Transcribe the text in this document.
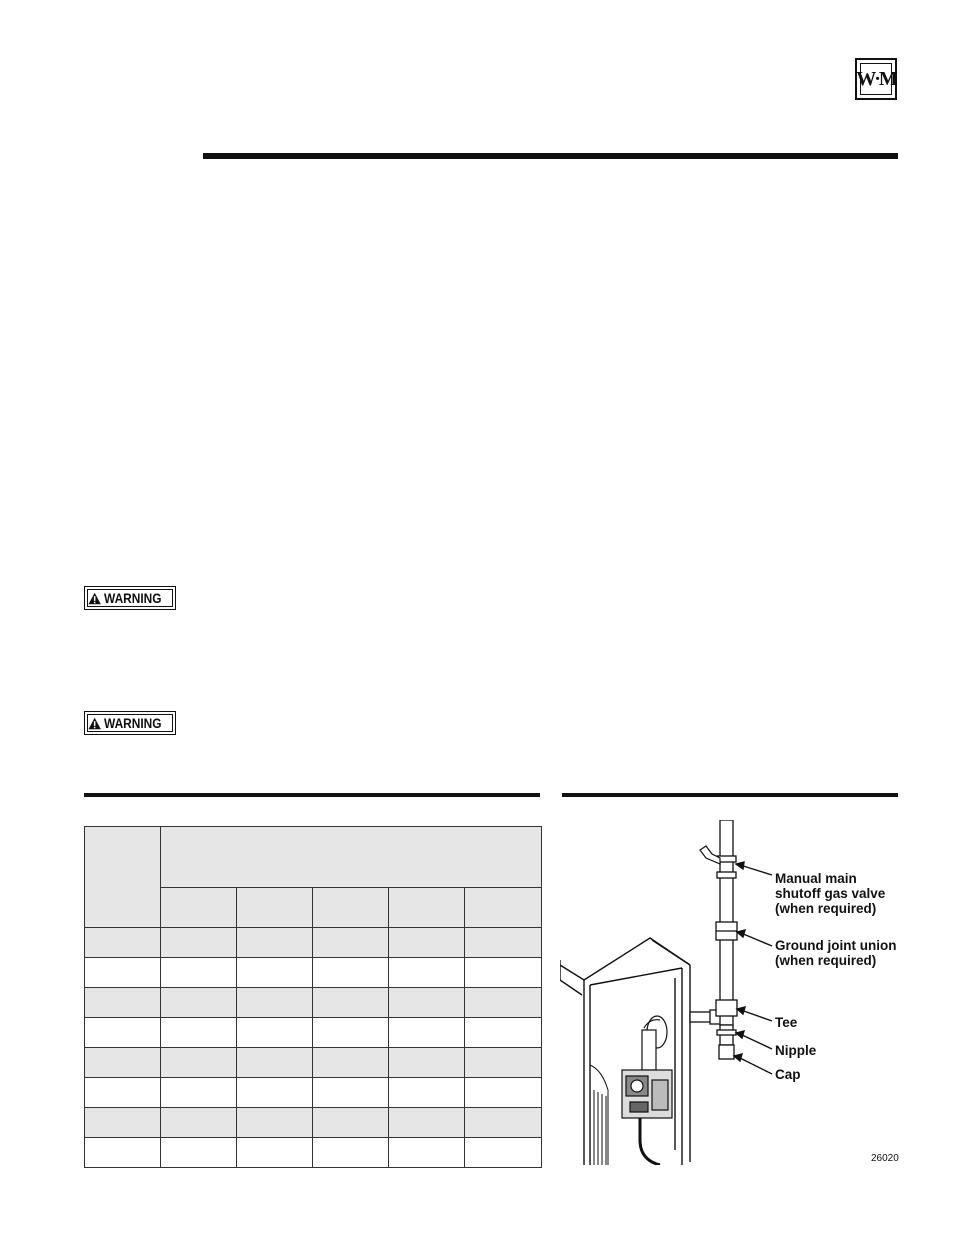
W·M
WARNING
WARNING

Manual main
shutoff gas valve
(when required)
Ground joint union
(when required)
Tee
Nipple
Cap
26020
